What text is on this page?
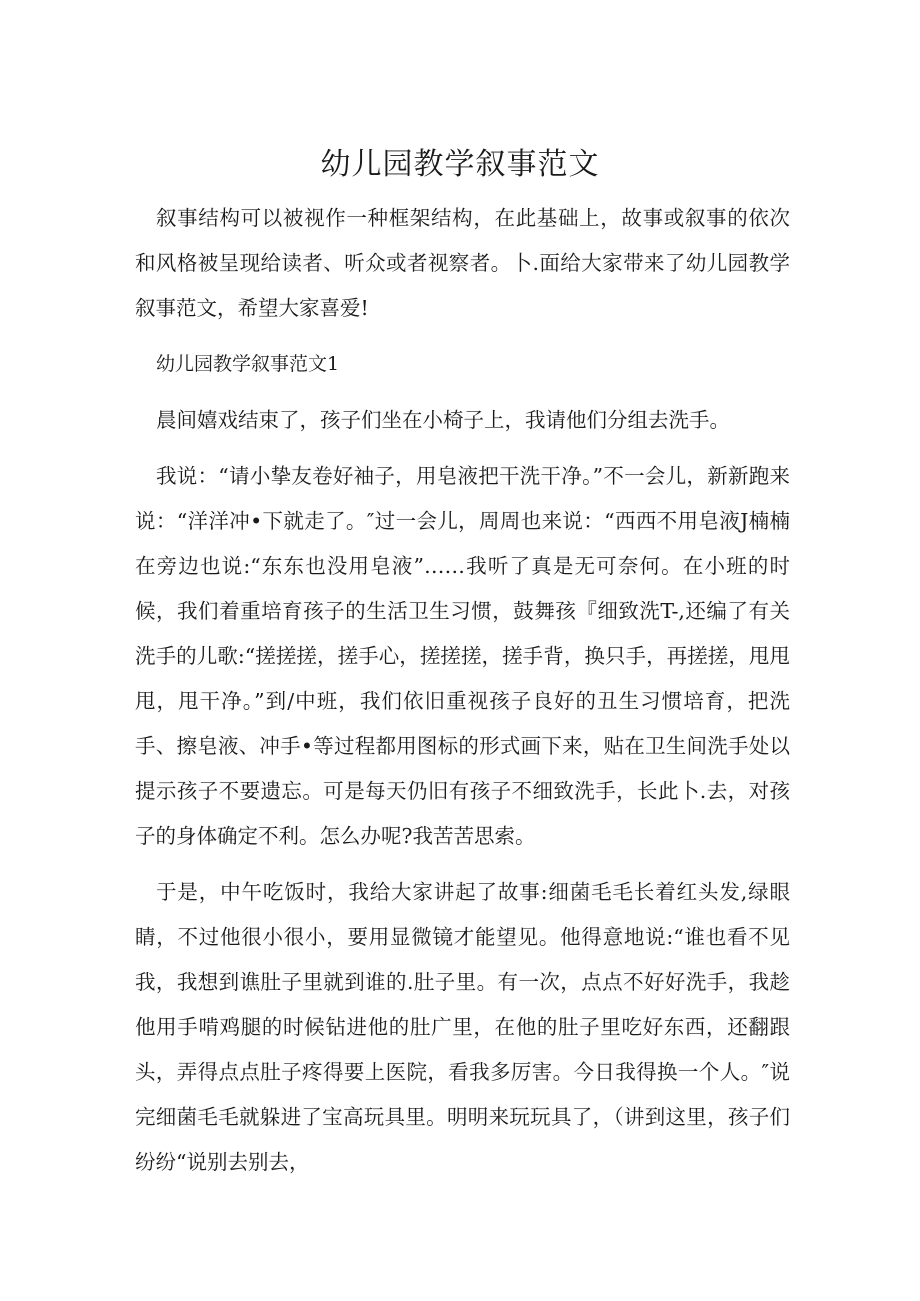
幼儿园教学叙事范文

叙事结构可以被视作一种框架结构，在此基础上，故事或叙事的依次和风格被呈现给读者、听众或者视察者。卜.面给大家带来了幼儿园教学叙事范文，希望大家喜爱!

幼儿园教学叙事范文1

晨间嬉戏结束了，孩子们坐在小椅子上，我请他们分组去洗手。

我说：“请小挚友卷好袖子，用皂液把干洗干净。”不一会儿，新新跑来说：“洋洋冲•下就走了。″过一会儿，周周也来说：“西西不用皂液J楠楠在旁边也说:“东东也没用皂液”……我听了真是无可奈何。在小班的时候，我们着重培育孩子的生活卫生习惯，鼓舞孩『细致洗T-,还编了有关洗手的儿歌:“搓搓搓，搓手心，搓搓搓，搓手背，换只手，再搓搓，甩甩甩，甩干净。”到/中班，我们依旧重视孩子良好的丑生习惯培育，把洗手、擦皂液、冲手•等过程都用图标的形式画下来，贴在卫生间洗手处以提示孩子不要遗忘。可是每天仍旧有孩子不细致洗手，长此卜.去，对孩子的身体确定不利。怎么办呢?我苦苦思索。

于是，中午吃饭时，我给大家讲起了故事:细菌毛毛长着红头发,绿眼睛，不过他很小很小，要用显微镜才能望见。他得意地说:“谁也看不见我，我想到谯肚子里就到谁的.肚子里。有一次，点点不好好洗手，我趁他用手啃鸡腿的时候钻进他的肚广里，在他的肚子里吃好东西，还翻跟头，弄得点点肚子疼得要上医院，看我多厉害。今日我得换一个人。″说完细菌毛毛就躲进了宝高玩具里。明明来玩玩具了，（讲到这里，孩子们纷纷“说别去别去，
